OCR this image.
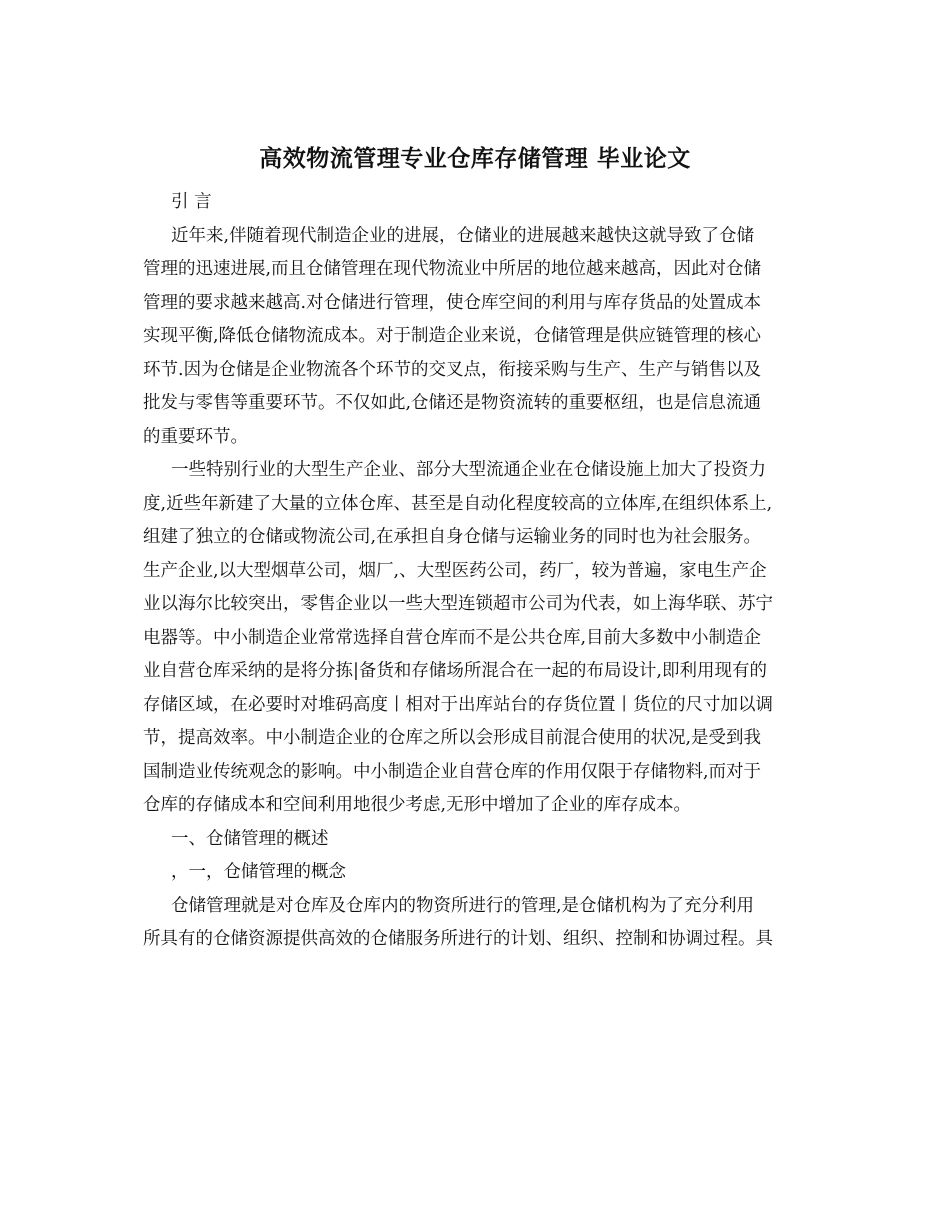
高效物流管理专业仓库存储管理 毕业论文
引 言
近年来,伴随着现代制造企业的进展，仓储业的进展越来越快这就导致了仓储
管理的迅速进展,而且仓储管理在现代物流业中所居的地位越来越高，因此对仓储
管理的要求越来越高.对仓储进行管理，使仓库空间的利用与库存货品的处置成本
实现平衡,降低仓储物流成本。对于制造企业来说，仓储管理是供应链管理的核心
环节.因为仓储是企业物流各个环节的交叉点，衔接采购与生产、生产与销售以及
批发与零售等重要环节。不仅如此,仓储还是物资流转的重要枢纽，也是信息流通
的重要环节。
一些特别行业的大型生产企业、部分大型流通企业在仓储设施上加大了投资力
度,近些年新建了大量的立体仓库、甚至是自动化程度较高的立体库,在组织体系上,
组建了独立的仓储或物流公司,在承担自身仓储与运输业务的同时也为社会服务。
生产企业,以大型烟草公司，烟厂,、大型医药公司，药厂，较为普遍，家电生产企
业以海尔比较突出，零售企业以一些大型连锁超市公司为代表，如上海华联、苏宁
电器等。中小制造企业常常选择自营仓库而不是公共仓库,目前大多数中小制造企
业自营仓库采纳的是将分拣|备货和存储场所混合在一起的布局设计,即利用现有的
存储区域，在必要时对堆码高度丨相对于出库站台的存货位置丨货位的尺寸加以调
节，提高效率。中小制造企业的仓库之所以会形成目前混合使用的状况,是受到我
国制造业传统观念的影响。中小制造企业自营仓库的作用仅限于存储物料,而对于
仓库的存储成本和空间利用地很少考虑,无形中增加了企业的库存成本。
一、仓储管理的概述
，一，仓储管理的概念
仓储管理就是对仓库及仓库内的物资所进行的管理,是仓储机构为了充分利用
所具有的仓储资源提供高效的仓储服务所进行的计划、组织、控制和协调过程。具
